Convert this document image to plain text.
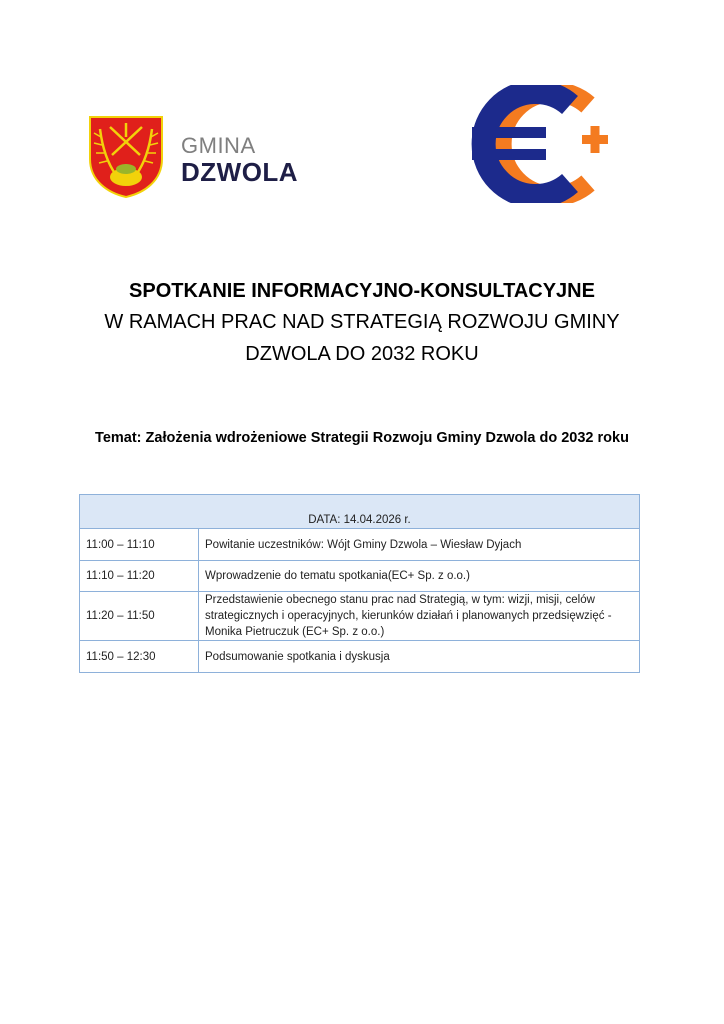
GMINA
DZWOLA
SPOTKANIE INFORMACYJNO-KONSULTACYJNE
W RAMACH PRAC NAD STRATEGIĄ ROZWOJU GMINY
DZWOLA DO 2032 ROKU
Temat: Założenia wdrożeniowe Strategii Rozwoju Gminy Dzwola do 2032 roku
DATA: 14.04.2026 r.	
11:00 – 11:10	Powitanie uczestników: Wójt Gminy Dzwola – Wiesław Dyjach
11:10 – 11:20	Wprowadzenie do tematu spotkania(EC+ Sp. z o.o.)
11:20 – 11:50	Przedstawienie obecnego stanu prac nad Strategią, w tym: wizji, misji, celów strategicznych i operacyjnych, kierunków działań i planowanych przedsięwzięć - Monika Pietruczuk (EC+ Sp. z o.o.)
11:50 – 12:30	Podsumowanie spotkania i dyskusja
